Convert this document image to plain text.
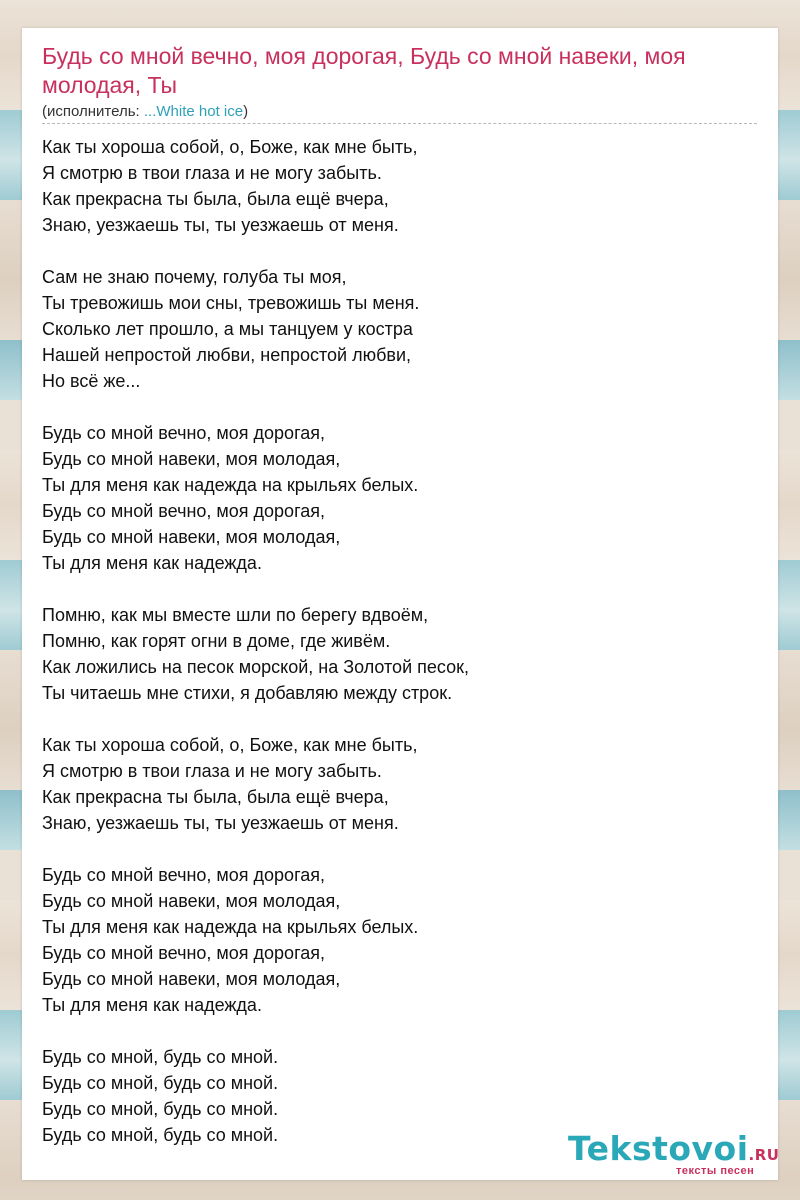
Будь со мной вечно, моя дорогая, Будь со мной навеки, моя молодая, Ты
(исполнитель: ...White hot ice)
Как ты хороша собой, о, Боже, как мне быть,
Я смотрю в твои глаза и не могу забыть.
Как прекрасна ты была, была ещё вчера,
Знаю, уезжаешь ты, ты уезжаешь от меня.
Сам не знаю почему, голуба ты моя,
Ты тревожишь мои сны, тревожишь ты меня.
Сколько лет прошло, а мы танцуем у костра
Нашей непростой любви, непростой любви,
Но всё же...
Будь со мной вечно, моя дорогая,
Будь со мной навеки, моя молодая,
Ты для меня как надежда на крыльях белых.
Будь со мной вечно, моя дорогая,
Будь со мной навеки, моя молодая,
Ты для меня как надежда.
Помню, как мы вместе шли по берегу вдвоём,
Помню, как горят огни в доме, где живём.
Как ложились на песок морской, на Золотой песок,
Ты читаешь мне стихи, я добавляю между строк.
Как ты хороша собой, о, Боже, как мне быть,
Я смотрю в твои глаза и не могу забыть.
Как прекрасна ты была, была ещё вчера,
Знаю, уезжаешь ты, ты уезжаешь от меня.
Будь со мной вечно, моя дорогая,
Будь со мной навеки, моя молодая,
Ты для меня как надежда на крыльях белых.
Будь со мной вечно, моя дорогая,
Будь со мной навеки, моя молодая,
Ты для меня как надежда.
Будь со мной, будь со мной.
Будь со мной, будь со мной.
Будь со мной, будь со мной.
Будь со мной, будь со мной.	Tekstovoi.RU
тексты песен
